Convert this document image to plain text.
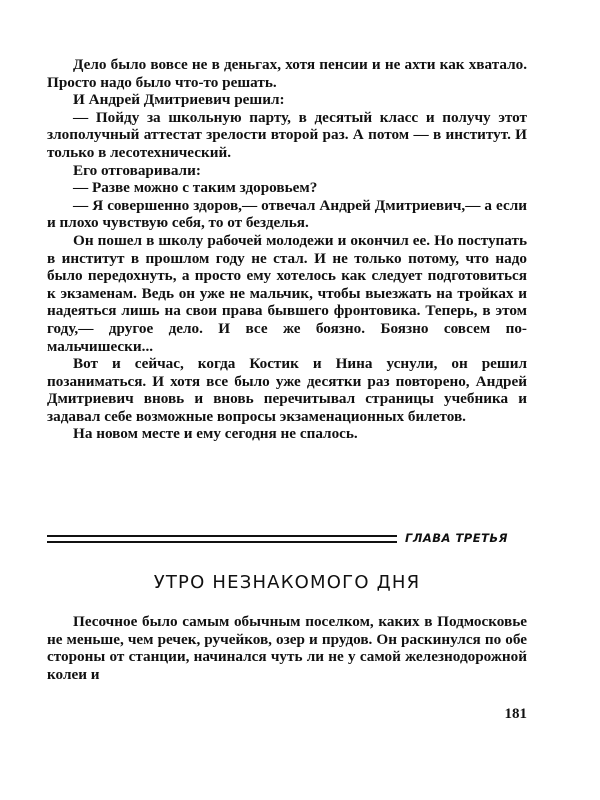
Дело было вовсе не в деньгах, хотя пенсии и не ахти как хватало. Просто надо было что-то решать.

И Андрей Дмитриевич решил:

— Пойду за школьную парту, в десятый класс и получу этот злополучный аттестат зрелости второй раз. А потом — в институт. И только в лесотехнический.

Его отговаривали:

— Разве можно с таким здоровьем?

— Я совершенно здоров,— отвечал Андрей Дмитриевич,— а если и плохо чувствую себя, то от безделья.

Он пошел в школу рабочей молодежи и окончил ее. Но поступать в институт в прошлом году не стал. И не только потому, что надо было передохнуть, а просто ему хотелось как следует подготовиться к экзаменам. Ведь он уже не мальчик, чтобы выезжать на тройках и надеяться лишь на свои права бывшего фронтовика. Теперь, в этом году,— другое дело. И все же боязно. Боязно совсем по-мальчишески...

Вот и сейчас, когда Костик и Нина уснули, он решил позаниматься. И хотя все было уже десятки раз повторено, Андрей Дмитриевич вновь и вновь перечитывал страницы учебника и задавал себе возможные вопросы экзаменационных билетов.

На новом месте и ему сегодня не спалось.

ГЛАВА ТРЕТЬЯ
УТРО НЕЗНАКОМОГО ДНЯ

Песочное было самым обычным поселком, каких в Подмосковье не меньше, чем речек, ручейков, озер и прудов. Он раскинулся по обе стороны от станции, начинался чуть ли не у самой железнодорожной колеи и

181
